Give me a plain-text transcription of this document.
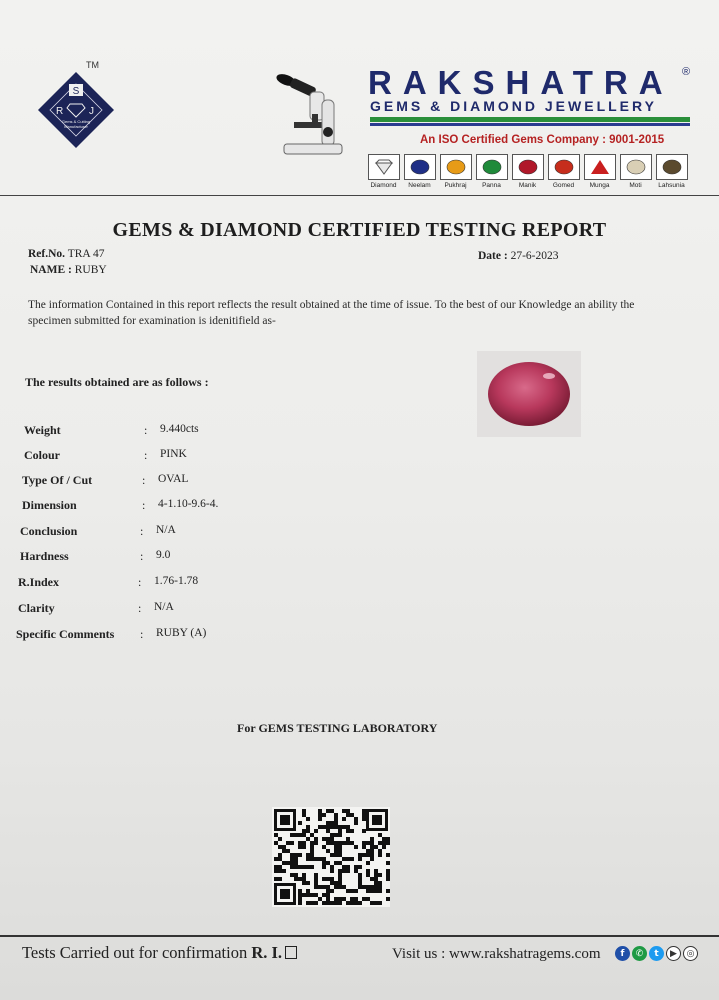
TM
S
R	J
Gems & Cutting
Manufacturer
RAKSHATRA ®
GEMS & DIAMOND JEWELLERY
An ISO Certified Gems Company : 9001-2015
Diamond Neelam Pukhraj Panna	Manik	Gomed Munga	Moti	Lahsunia
GEMS & DIAMOND CERTIFIED TESTING REPORT
Ref.No. TRA 47
NAME : RUBY
Date : 27-6-2023
The information Contained in this report reflects the result obtained at the time of issue. To the best of our Knowledge an ability the specimen submitted for examination is idenitifield as-
The results obtained are as follows :
Weight	:	9.440cts
Colour	:	PINK
Type Of / Cut	:	OVAL
Dimension	:	4-1.10-9.6-4.
Conclusion	:	N/A
Hardness	:	9.0
R.Index	:	1.76-1.78
Clarity	:	N/A
Specific Comments	:	RUBY (A)
For GEMS TESTING LABORATORY
Tests Carried out for confirmation R. I.	Visit us : www.rakshatragems.com	f	✆	t	▶	◎
